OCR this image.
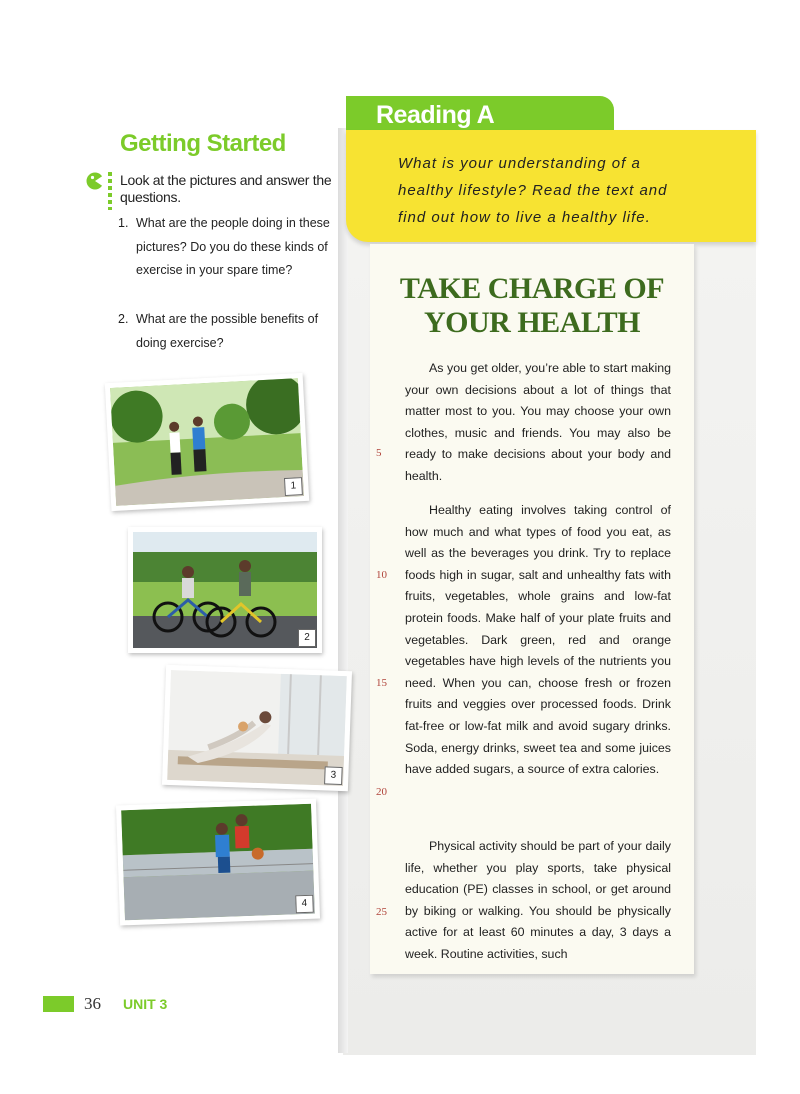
Reading A
What is your understanding of a healthy lifestyle? Read the text and find out how to live a healthy life.
TAKE CHARGE OF
YOUR HEALTH

As you get older, you’re able to start making your own decisions about a lot of things that matter most to you. You may choose your own clothes, music and friends. You may also be ready to make decisions about your body and health.

Healthy eating involves taking control of how much and what types of food you eat, as well as the beverages you drink. Try to replace foods high in sugar, salt and unhealthy fats with fruits, vegetables, whole grains and low-fat protein foods. Make half of your plate fruits and vegetables. Dark green, red and orange vegetables have high levels of the nutrients you need. When you can, choose fresh or frozen fruits and veggies over processed foods. Drink fat-free or low-fat milk and avoid sugary drinks. Soda, energy drinks, sweet tea and some juices have added sugars, a source of extra calories.

Physical activity should be part of your daily life, whether you play sports, take physical education (PE) classes in school, or get around by biking or walking. You should be physically active for at least 60 minutes a day, 3 days a week. Routine activities, such

5
10
15
20
25
Getting Started
Look at the pictures and answer the questions.
1. What are the people doing in these pictures? Do you do these kinds of exercise in your spare time?
2. What are the possible benefits of doing exercise?
1
2
3
4
36 UNIT 3
